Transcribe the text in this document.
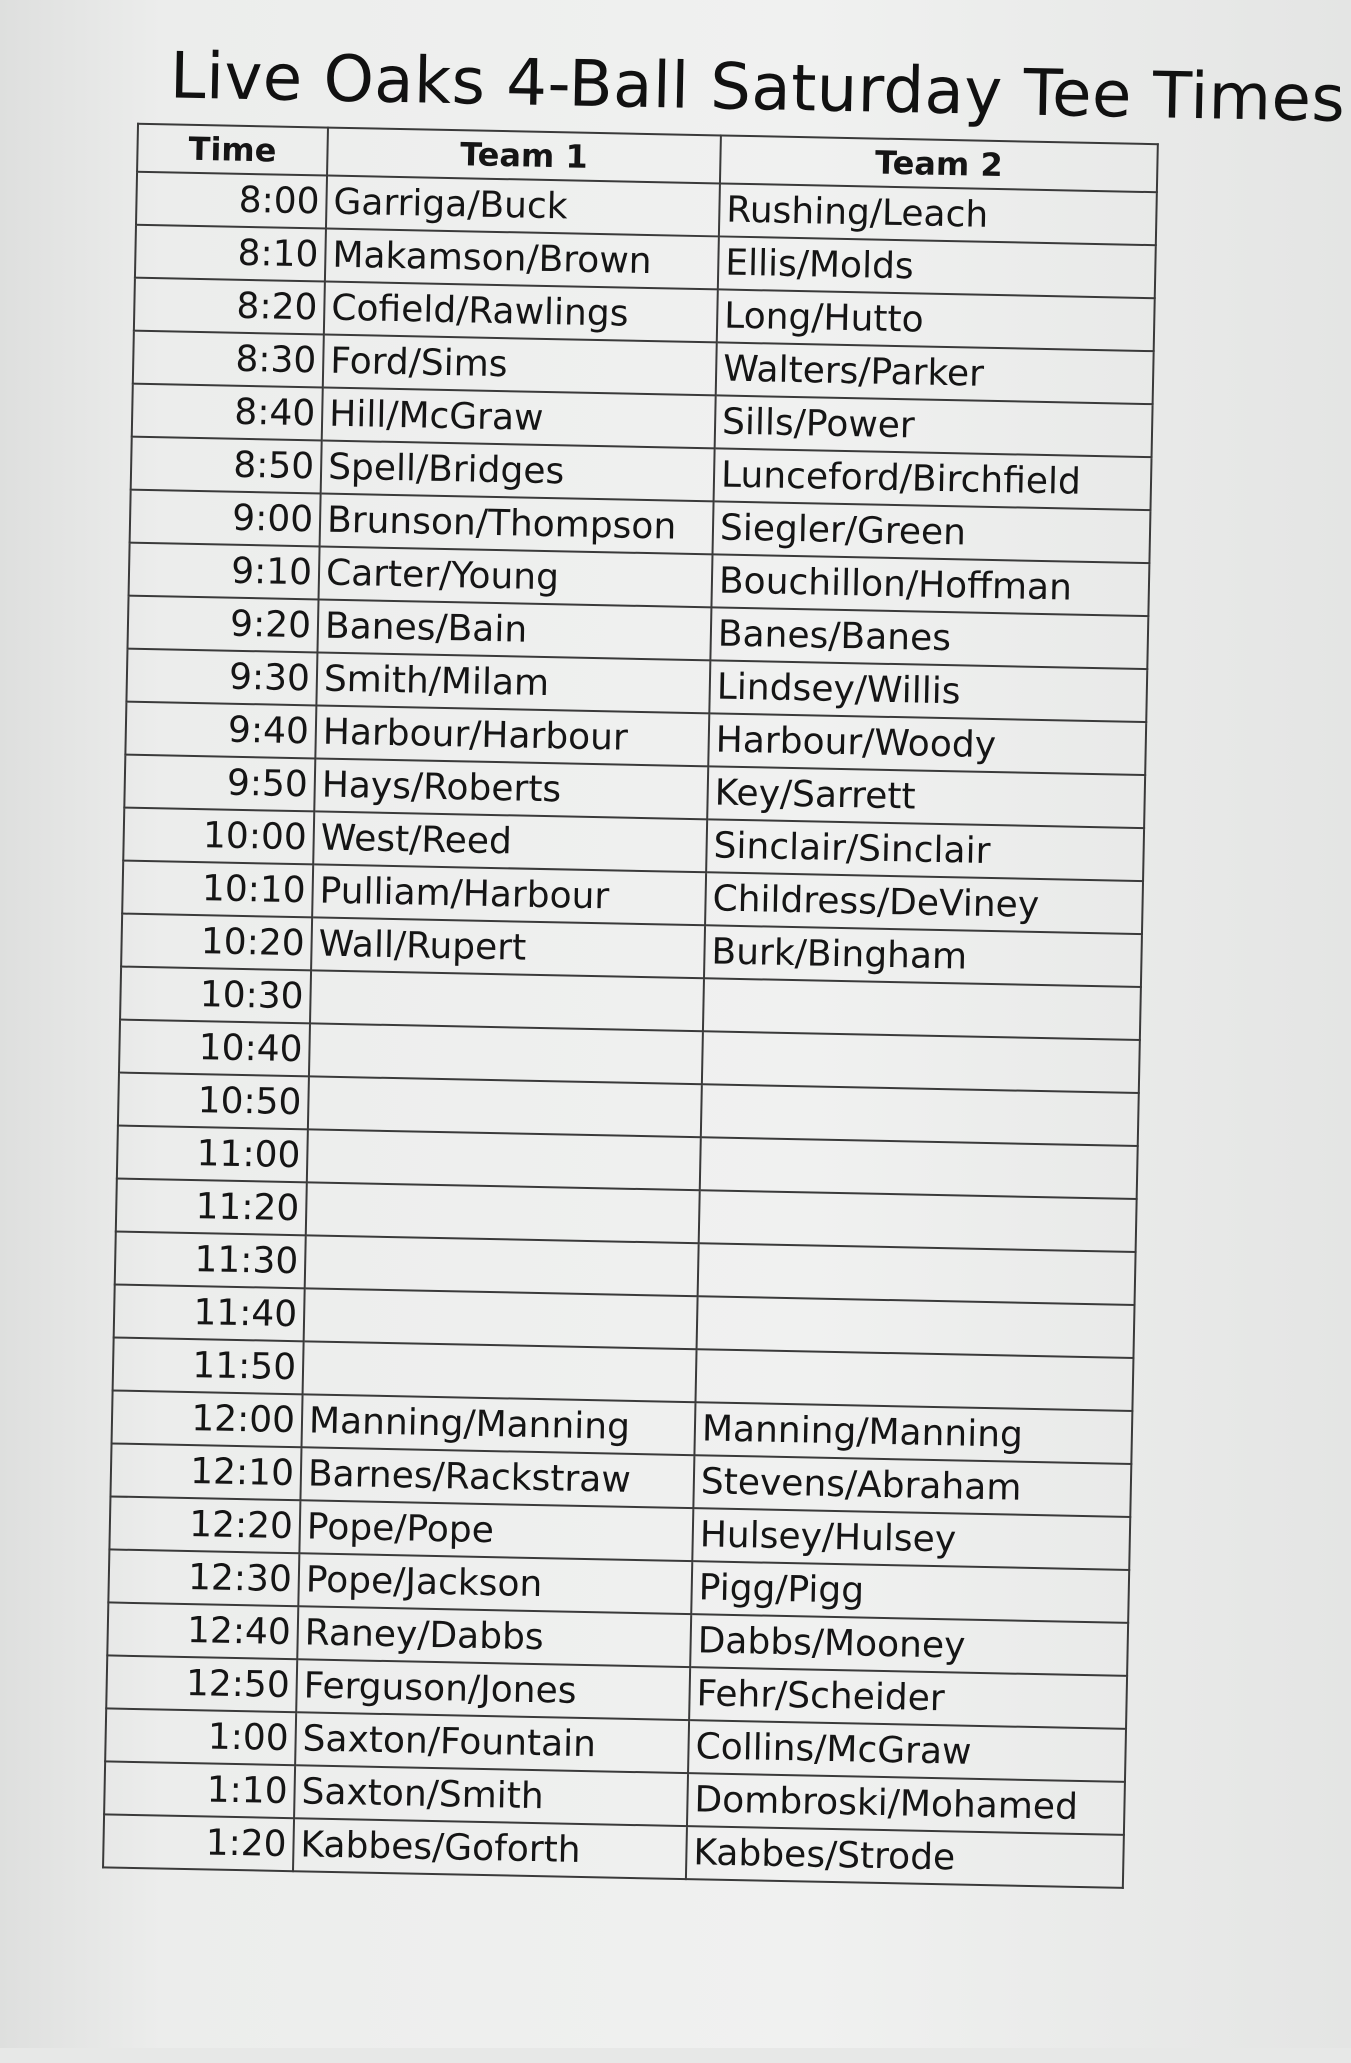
Live Oaks 4-Ball Saturday Tee Times
Time	Team 1	Team 2
8:00	Garriga/Buck	Rushing/Leach
8:10	Makamson/Brown	Ellis/Molds
8:20	Cofield/Rawlings	Long/Hutto
8:30	Ford/Sims	Walters/Parker
8:40	Hill/McGraw	Sills/Power
8:50	Spell/Bridges	Lunceford/Birchfield
9:00	Brunson/Thompson	Siegler/Green
9:10	Carter/Young	Bouchillon/Hoffman
9:20	Banes/Bain	Banes/Banes
9:30	Smith/Milam	Lindsey/Willis
9:40	Harbour/Harbour	Harbour/Woody
9:50	Hays/Roberts	Key/Sarrett
10:00	West/Reed	Sinclair/Sinclair
10:10	Pulliam/Harbour	Childress/DeViney
10:20	Wall/Rupert	Burk/Bingham
10:30		
10:40		
10:50		
11:00		
11:20		
11:30		
11:40		
11:50		
12:00	Manning/Manning	Manning/Manning
12:10	Barnes/Rackstraw	Stevens/Abraham
12:20	Pope/Pope	Hulsey/Hulsey
12:30	Pope/Jackson	Pigg/Pigg
12:40	Raney/Dabbs	Dabbs/Mooney
12:50	Ferguson/Jones	Fehr/Scheider
1:00	Saxton/Fountain	Collins/McGraw
1:10	Saxton/Smith	Dombroski/Mohamed
1:20	Kabbes/Goforth	Kabbes/Strode
